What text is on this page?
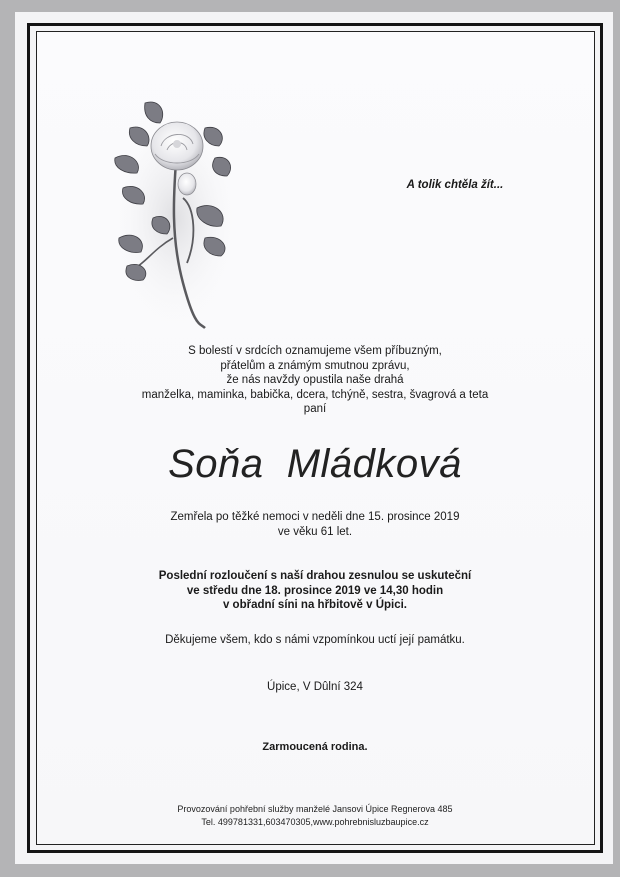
A tolik chtěla žít...
S bolestí v srdcích oznamujeme všem příbuzným,
přátelům a známým smutnou zprávu,
že nás navždy opustila naše drahá
manželka, maminka, babička, dcera, tchýně, sestra, švagrová a teta
paní
Soňa  Mládková
Zemřela po těžké nemoci v neděli dne 15. prosince 2019
ve věku 61 let.
Poslední rozloučení s naší drahou zesnulou se uskuteční
ve středu dne 18. prosince 2019 ve 14,30 hodin
v obřadní síni na hřbitově v Úpici.
Děkujeme všem, kdo s námi vzpomínkou uctí její památku.
Úpice, V Dûlní 324
Zarmoucená rodina.
Provozování pohřební služby manželé Jansovi Úpice Regnerova 485
Tel. 499781331,603470305,www.pohrebnisluzbaupice.cz
